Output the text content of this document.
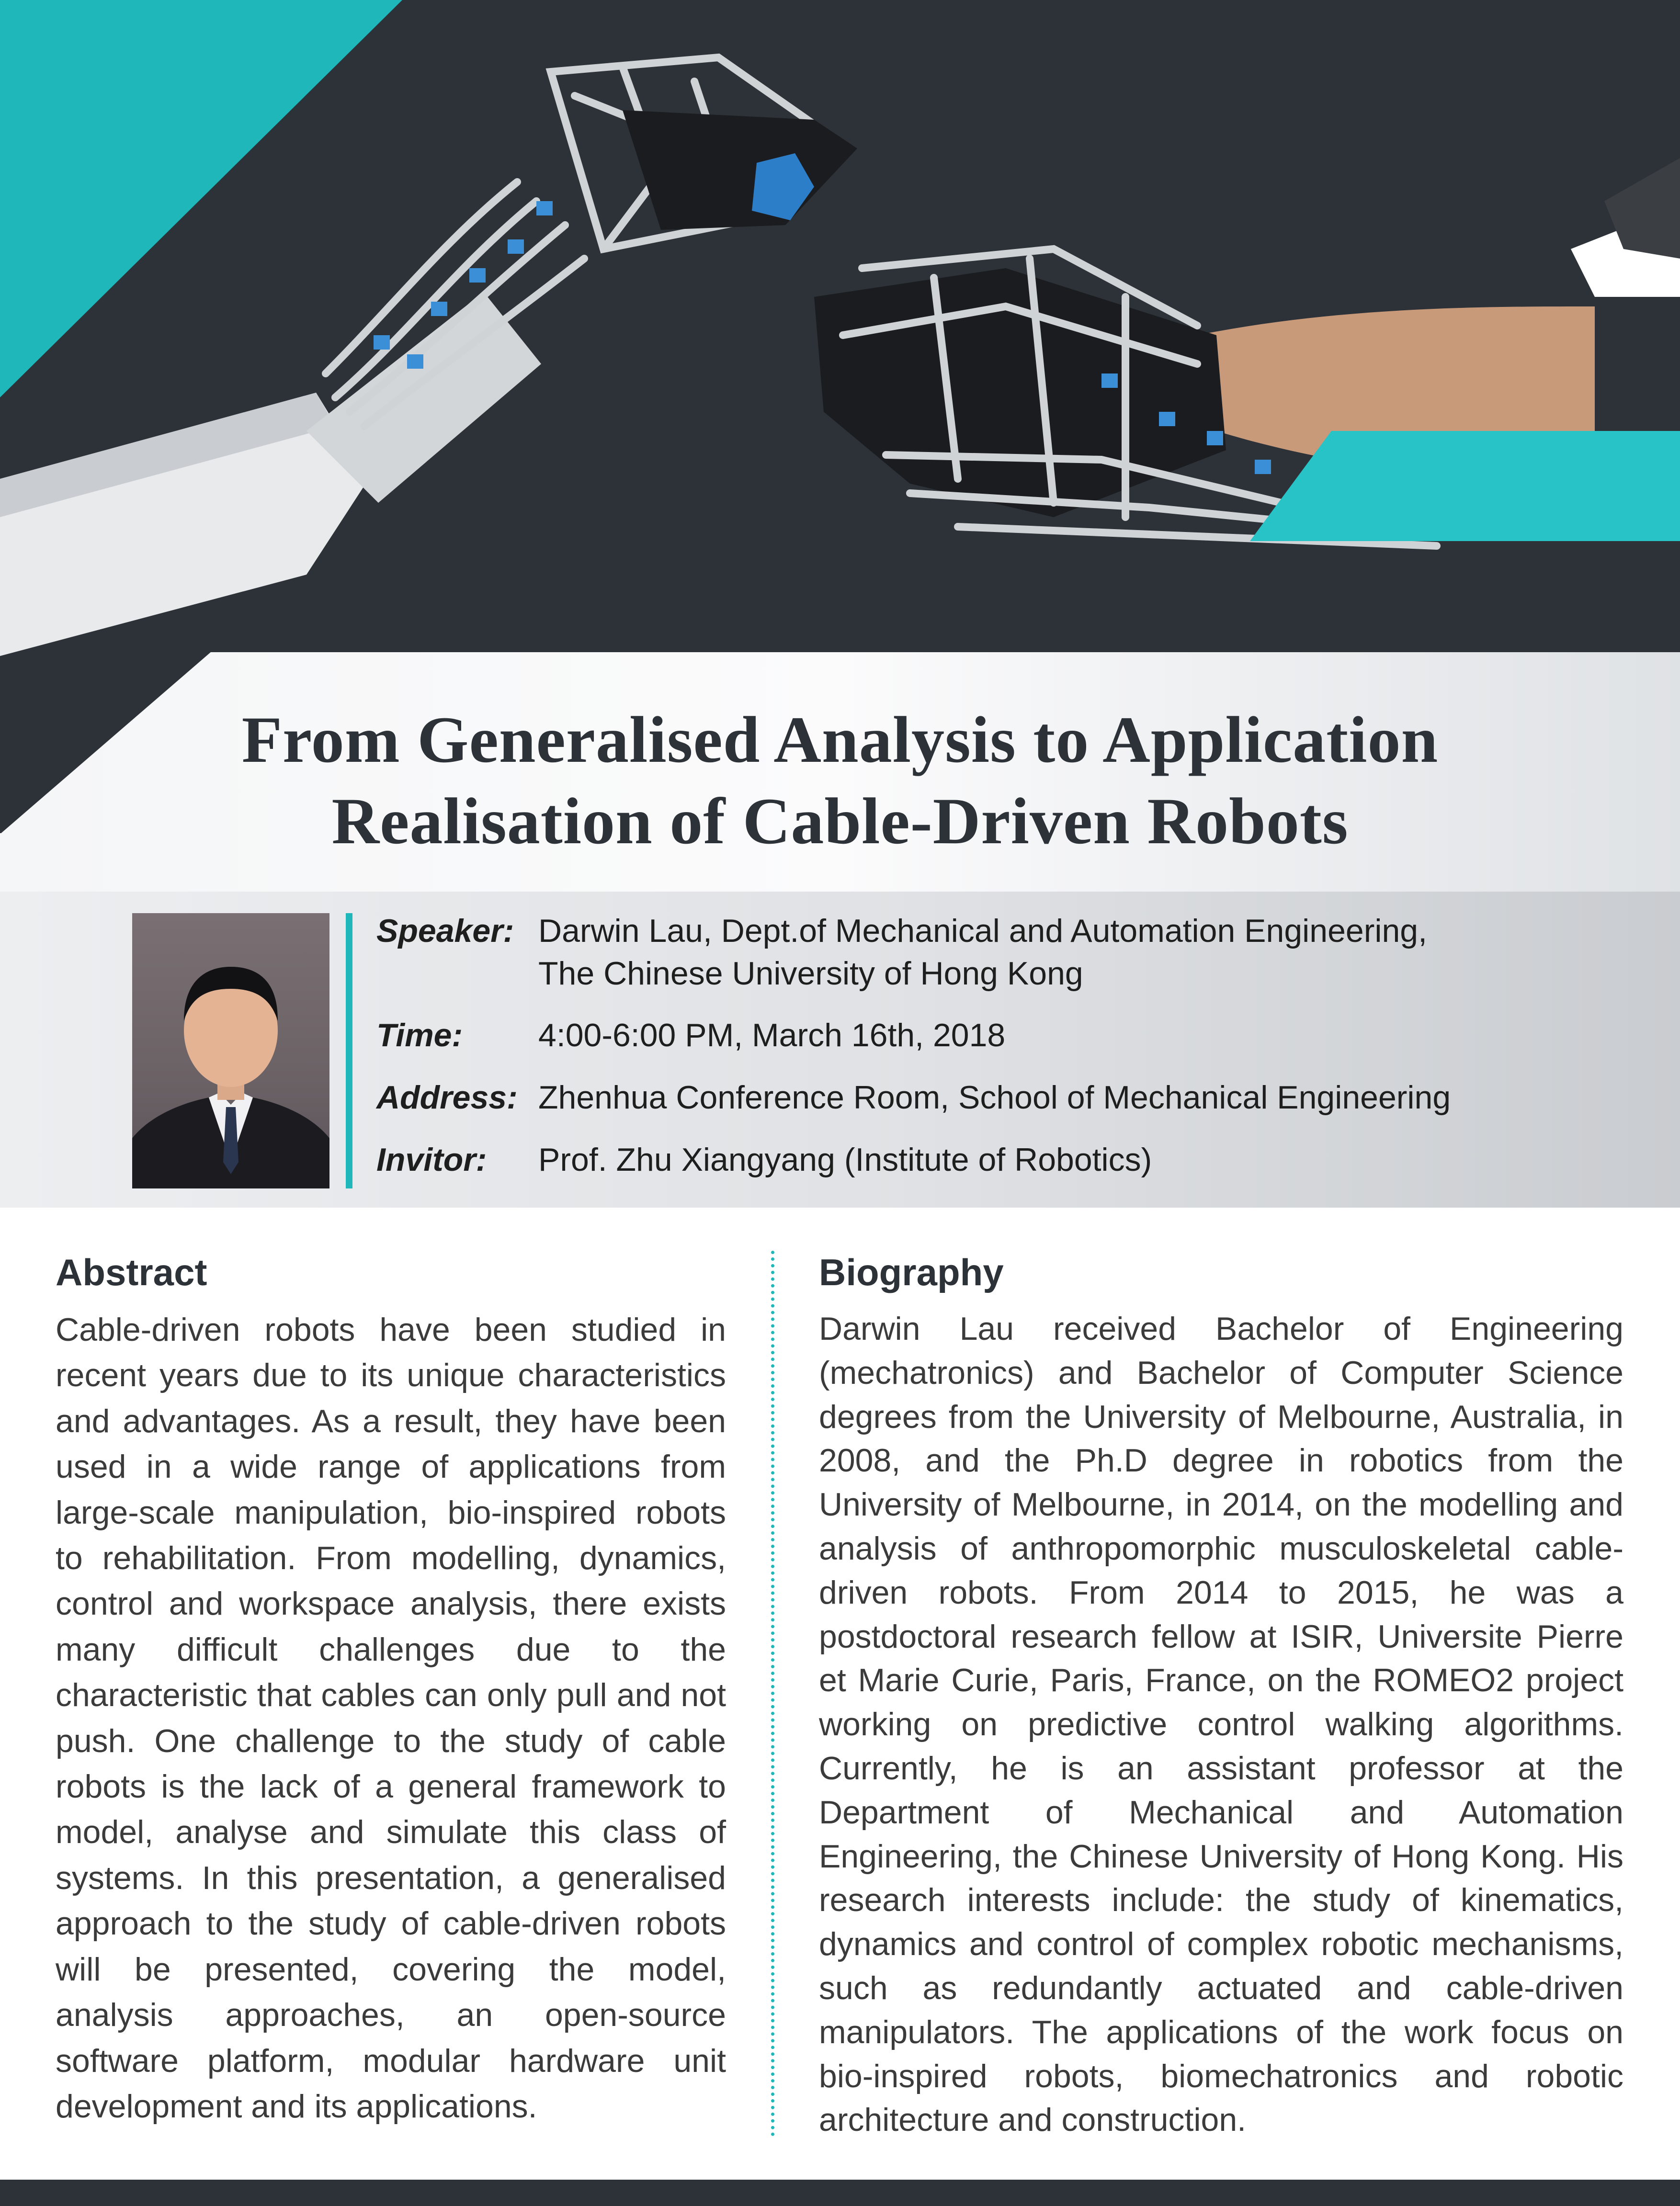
From Generalised Analysis to Application
Realisation of Cable-Driven Robots
Speaker: Darwin Lau, Dept.of Mechanical and Automation Engineering,
The Chinese University of Hong Kong
Time: 4:00-6:00 PM, March 16th, 2018
Address: Zhenhua Conference Room, School of Mechanical Engineering
Invitor: Prof. Zhu Xiangyang (Institute of Robotics)
Abstract
Cable-driven robots have been studied in recent years due to its unique characteristics and advantages. As a result, they have been used in a wide range of applications from large-scale manipulation, bio-inspired robots to rehabilitation. From modelling, dynamics, control and workspace analysis, there exists many difficult challenges due to the characteristic that cables can only pull and not push. One challenge to the study of cable robots is the lack of a general framework to model, analyse and simulate this class of systems. In this presentation, a generalised approach to the study of cable-driven robots will be presented, covering the model, analysis approaches, an open-source software platform, modular hardware unit development and its applications.
Biography
Darwin Lau received Bachelor of Engineering (mechatronics) and Bachelor of Computer Science degrees from the University of Melbourne, Australia, in 2008, and the Ph.D degree in robotics from the University of Melbourne, in 2014, on the modelling and analysis of anthropomorphic musculoskeletal cable-driven robots. From 2014 to 2015, he was a postdoctoral research fellow at ISIR, Universite Pierre et Marie Curie, Paris, France, on the ROMEO2 project working on predictive control walking algorithms. Currently, he is an assistant professor at the Department of Mechanical and Automation Engineering, the Chinese University of Hong Kong. His research interests include: the study of kinematics, dynamics and control of complex robotic mechanisms, such as redundantly actuated and cable-driven manipulators. The applications of the work focus on bio-inspired robots, biomechatronics and robotic architecture and construction.
